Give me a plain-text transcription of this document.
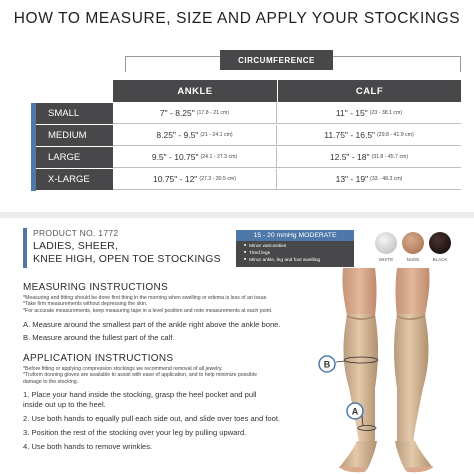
HOW TO MEASURE, SIZE AND APPLY YOUR STOCKINGS
CIRCUMFERENCE
ANKLE	CALF
SMALL	7" - 8.25" (17.8 - 21 cm)	11" - 15" (23 - 38.1 cm)
MEDIUM	8.25" - 9.5" (21 - 24.1 cm)	11.75" - 16.5" (29.8 - 41.9 cm)
LARGE	9.5" - 10.75" (24.1 - 27.3 cm)	12.5" - 18" (31.8 - 45.7 cm)
X-LARGE	10.75" - 12" (27.3 - 30.5 cm)	13" - 19" (33 - 48.3 cm)
PRODUCT NO. 1772
LADIES, SHEER,
KNEE HIGH, OPEN TOE STOCKINGS
15 - 20 mmHg MODERATE
■ Minor varicosities
■ Tired legs
■ Minor ankle, leg and foot swelling	WHITE	NUDE	BLACK
MEASURING INSTRUCTIONS
*Measuring and fitting should be done first thing in the morning when swelling or edema is less of an issue.
*Take firm measurements without depressing the skin.
*For accurate measurements, keep measuring tape in a level position and note measurements at each point.
A. Measure around the smallest part of the ankle right above the ankle bone.
B. Measure around the fullest part of the calf.
APPLICATION INSTRUCTIONS
*Before fitting or applying compression stockings we recommend removal of all jewelry.
*Truform donning gloves are available to assist with ease of application, and to help minimize possible
damage to the stocking.
1. Place your hand inside the stocking, grasp the heel pocket and pull
inside out up to the heel.
2. Use both hands to equally pull each side out, and slide over toes and foot.
3. Position the rest of the stocking over your leg by pulling upward.
4. Use both hands to remove wrinkles.
B
A
